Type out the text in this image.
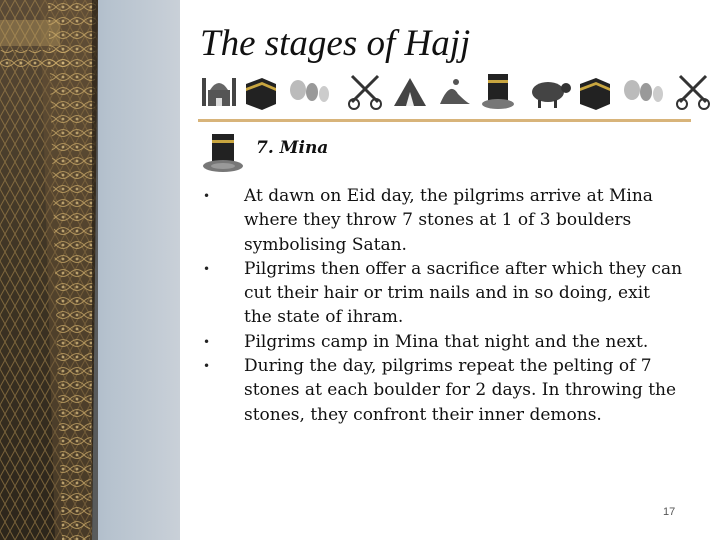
The stages of Hajj
7. Mina
• At dawn on Eid day, the pilgrims arrive at Mina where they throw 7 stones at 1 of 3 boulders symbolising Satan.
• Pilgrims then offer a sacrifice after which they can cut their hair or trim nails and in so doing, exit the state of ihram.
• Pilgrims camp in Mina that night and the next.
• During the day, pilgrims repeat the pelting of 7 stones at each boulder for 2 days. In throwing the stones, they confront their inner demons.
17
